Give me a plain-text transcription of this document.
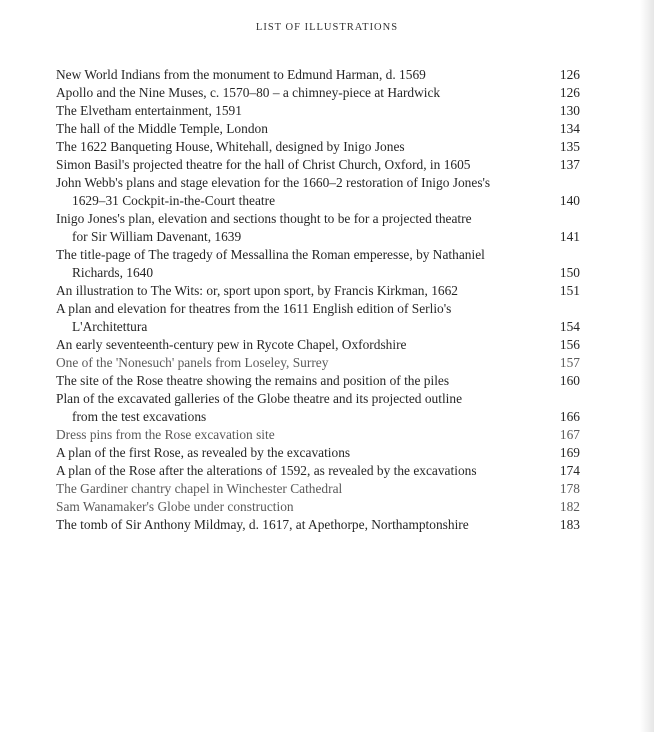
LIST OF ILLUSTRATIONS
New World Indians from the monument to Edmund Harman, d. 1569	126
Apollo and the Nine Muses, c. 1570–80 – a chimney-piece at Hardwick	126
The Elvetham entertainment, 1591	130
The hall of the Middle Temple, London	134
The 1622 Banqueting House, Whitehall, designed by Inigo Jones	135
Simon Basil's projected theatre for the hall of Christ Church, Oxford, in 1605	137
John Webb's plans and stage elevation for the 1660–2 restoration of Inigo Jones's
1629–31 Cockpit-in-the-Court theatre	140
Inigo Jones's plan, elevation and sections thought to be for a projected theatre
for Sir William Davenant, 1639	141
The title-page of The tragedy of Messallina the Roman emperesse, by Nathaniel
Richards, 1640	150
An illustration to The Wits: or, sport upon sport, by Francis Kirkman, 1662	151
A plan and elevation for theatres from the 1611 English edition of Serlio's
L'Architettura	154
An early seventeenth-century pew in Rycote Chapel, Oxfordshire	156
One of the 'Nonesuch' panels from Loseley, Surrey	157
The site of the Rose theatre showing the remains and position of the piles	160
Plan of the excavated galleries of the Globe theatre and its projected outline
from the test excavations	166
Dress pins from the Rose excavation site	167
A plan of the first Rose, as revealed by the excavations	169
A plan of the Rose after the alterations of 1592, as revealed by the excavations	174
The Gardiner chantry chapel in Winchester Cathedral	178
Sam Wanamaker's Globe under construction	182
The tomb of Sir Anthony Mildmay, d. 1617, at Apethorpe, Northamptonshire	183
